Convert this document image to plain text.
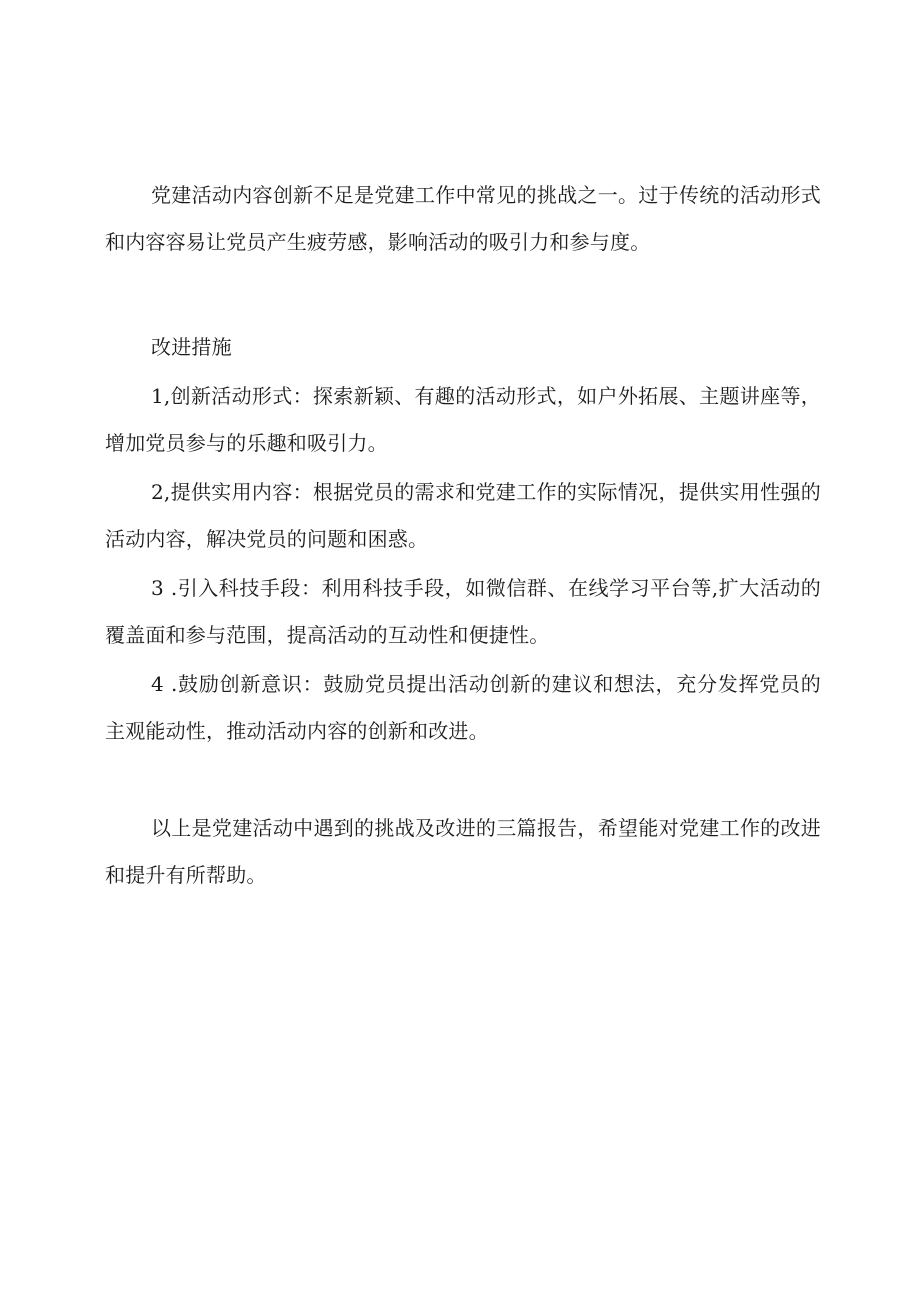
党建活动内容创新不足是党建工作中常见的挑战之一。过于传统的活动形式和内容容易让党员产生疲劳感，影响活动的吸引力和参与度。

改进措施

1,创新活动形式：探索新颖、有趣的活动形式，如户外拓展、主题讲座等，增加党员参与的乐趣和吸引力。

2,提供实用内容：根据党员的需求和党建工作的实际情况，提供实用性强的活动内容，解决党员的问题和困惑。

3 .引入科技手段：利用科技手段，如微信群、在线学习平台等,扩大活动的覆盖面和参与范围，提高活动的互动性和便捷性。

4 .鼓励创新意识：鼓励党员提出活动创新的建议和想法，充分发挥党员的主观能动性，推动活动内容的创新和改进。

以上是党建活动中遇到的挑战及改进的三篇报告，希望能对党建工作的改进和提升有所帮助。
